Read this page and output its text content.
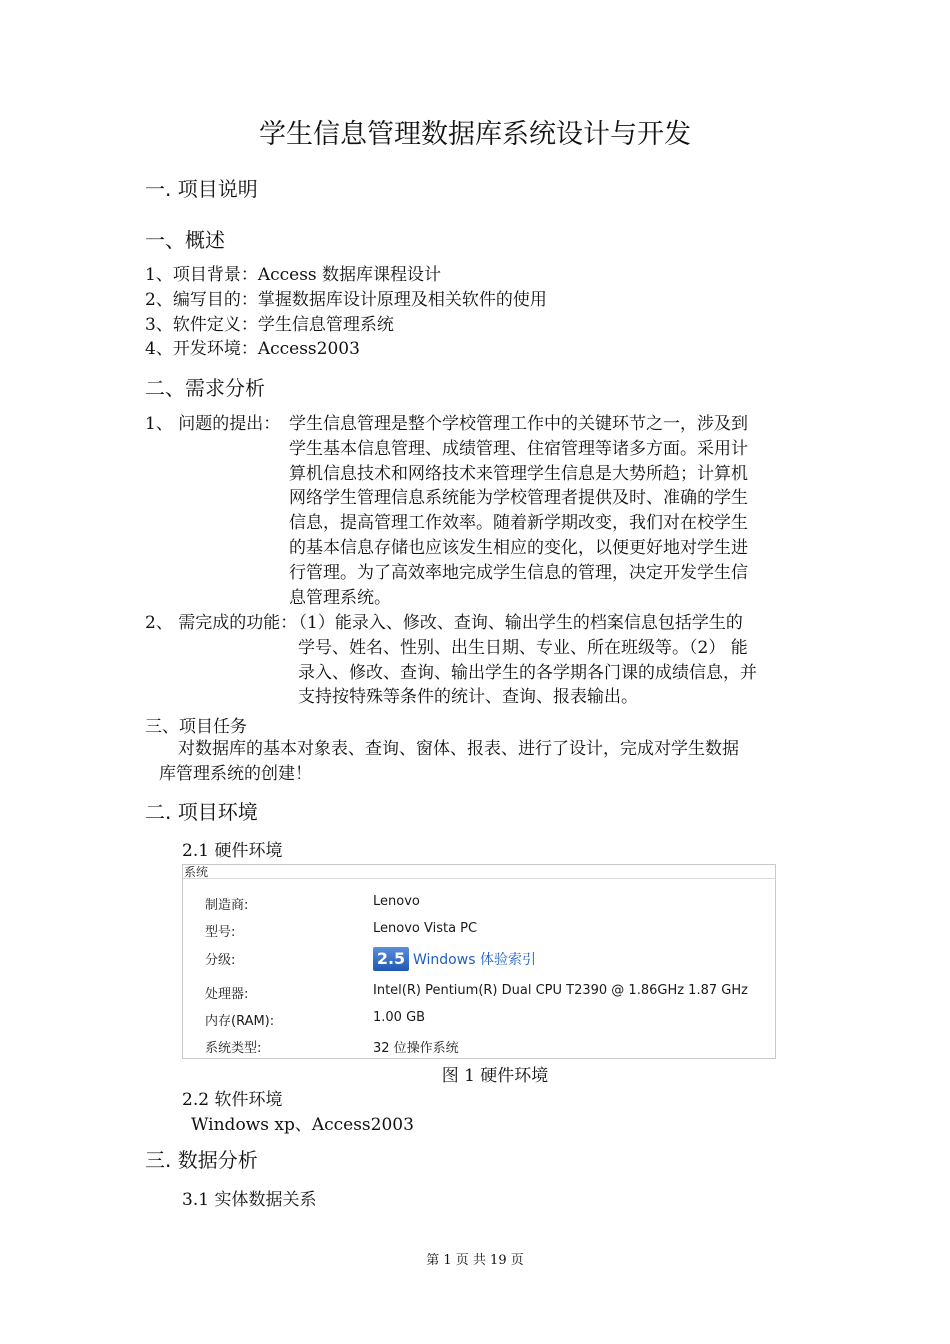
学生信息管理数据库系统设计与开发
一. 项目说明
一、概述
1、项目背景：Access 数据库课程设计
2、编写目的：掌握数据库设计原理及相关软件的使用
3、软件定义：学生信息管理系统
4、开发环境：Access2003
二、需求分析
1、 问题的提出： 学生信息管理是整个学校管理工作中的关键环节之一，涉及到
学生基本信息管理、成绩管理、住宿管理等诸多方面。采用计
算机信息技术和网络技术来管理学生信息是大势所趋；计算机
网络学生管理信息系统能为学校管理者提供及时、准确的学生
信息，提高管理工作效率。随着新学期改变，我们对在校学生
的基本信息存储也应该发生相应的变化，以便更好地对学生进
行管理。为了高效率地完成学生信息的管理，决定开发学生信
息管理系统。
2、 需完成的功能：
（1）能录入、修改、查询、输出学生的档案信息包括学生的
学号、姓名、性别、出生日期、专业、所在班级等。（2） 能
录入、修改、查询、输出学生的各学期各门课的成绩信息，并
支持按特殊等条件的统计、查询、报表输出。
三、项目任务
对数据库的基本对象表、查询、窗体、报表、进行了设计，完成对学生数据
库管理系统的创建！
二. 项目环境
2.1 硬件环境
系统
制造商:	Lenovo
型号:	Lenovo Vista PC
分级:	2.5 Windows 体验索引
处理器:	Intel(R) Pentium(R) Dual CPU T2390 @ 1.86GHz 1.87 GHz
内存(RAM):	1.00 GB
系统类型:	32 位操作系统
图 1 硬件环境
2.2 软件环境
Windows xp、Access2003
三. 数据分析
3.1 实体数据关系
第 1 页 共 19 页
